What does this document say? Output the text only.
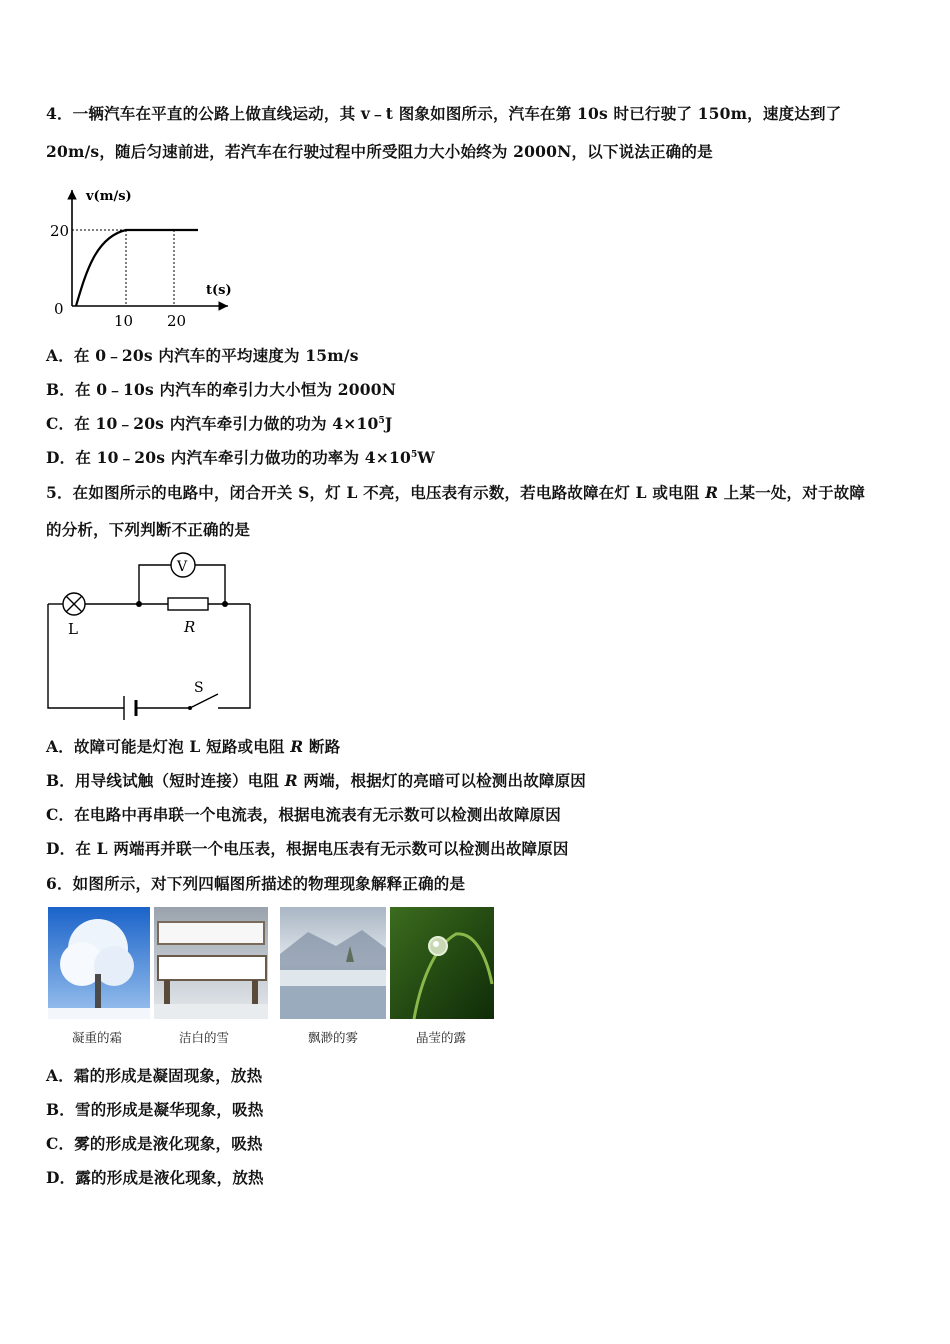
4．一辆汽车在平直的公路上做直线运动，其 v﹣t 图象如图所示，汽车在第 10s 时已行驶了 150m，速度达到了
20m/s，随后匀速前进，若汽车在行驶过程中所受阻力大小始终为 2000N，以下说法正确的是
v(m/s)
t(s)
20
0
10 20
A．在 0﹣20s 内汽车的平均速度为 15m/s
B．在 0﹣10s 内汽车的牵引力大小恒为 2000N
C．在 10﹣20s 内汽车牵引力做的功为 $4\times 10^5J$
D．在 10﹣20s 内汽车牵引力做功的功率为 $4\times 10^5W$
5．在如图所示的电路中，闭合开关 S，灯 L 不亮，电压表有示数，若电路故障在灯 L 或电阻 R 上某一处，对于故障
的分析，下列判断不正确的是
L	R
V
S
A．故障可能是灯泡 L 短路或电阻 R 断路
B．用导线试触（短时连接）电阻 R 两端，根据灯的亮暗可以检测出故障原因
C．在电路中再串联一个电流表，根据电流表有无示数可以检测出故障原因
D．在 L 两端再并联一个电压表，根据电压表有无示数可以检测出故障原因
6．如图所示，对下列四幅图所描述的物理现象解释正确的是
凝重的霜	洁白的雪	飘渺的雾	晶莹的露
A．霜的形成是凝固现象，放热
B．雪的形成是凝华现象，吸热
C．雾的形成是液化现象，吸热
D．露的形成是液化现象，放热
